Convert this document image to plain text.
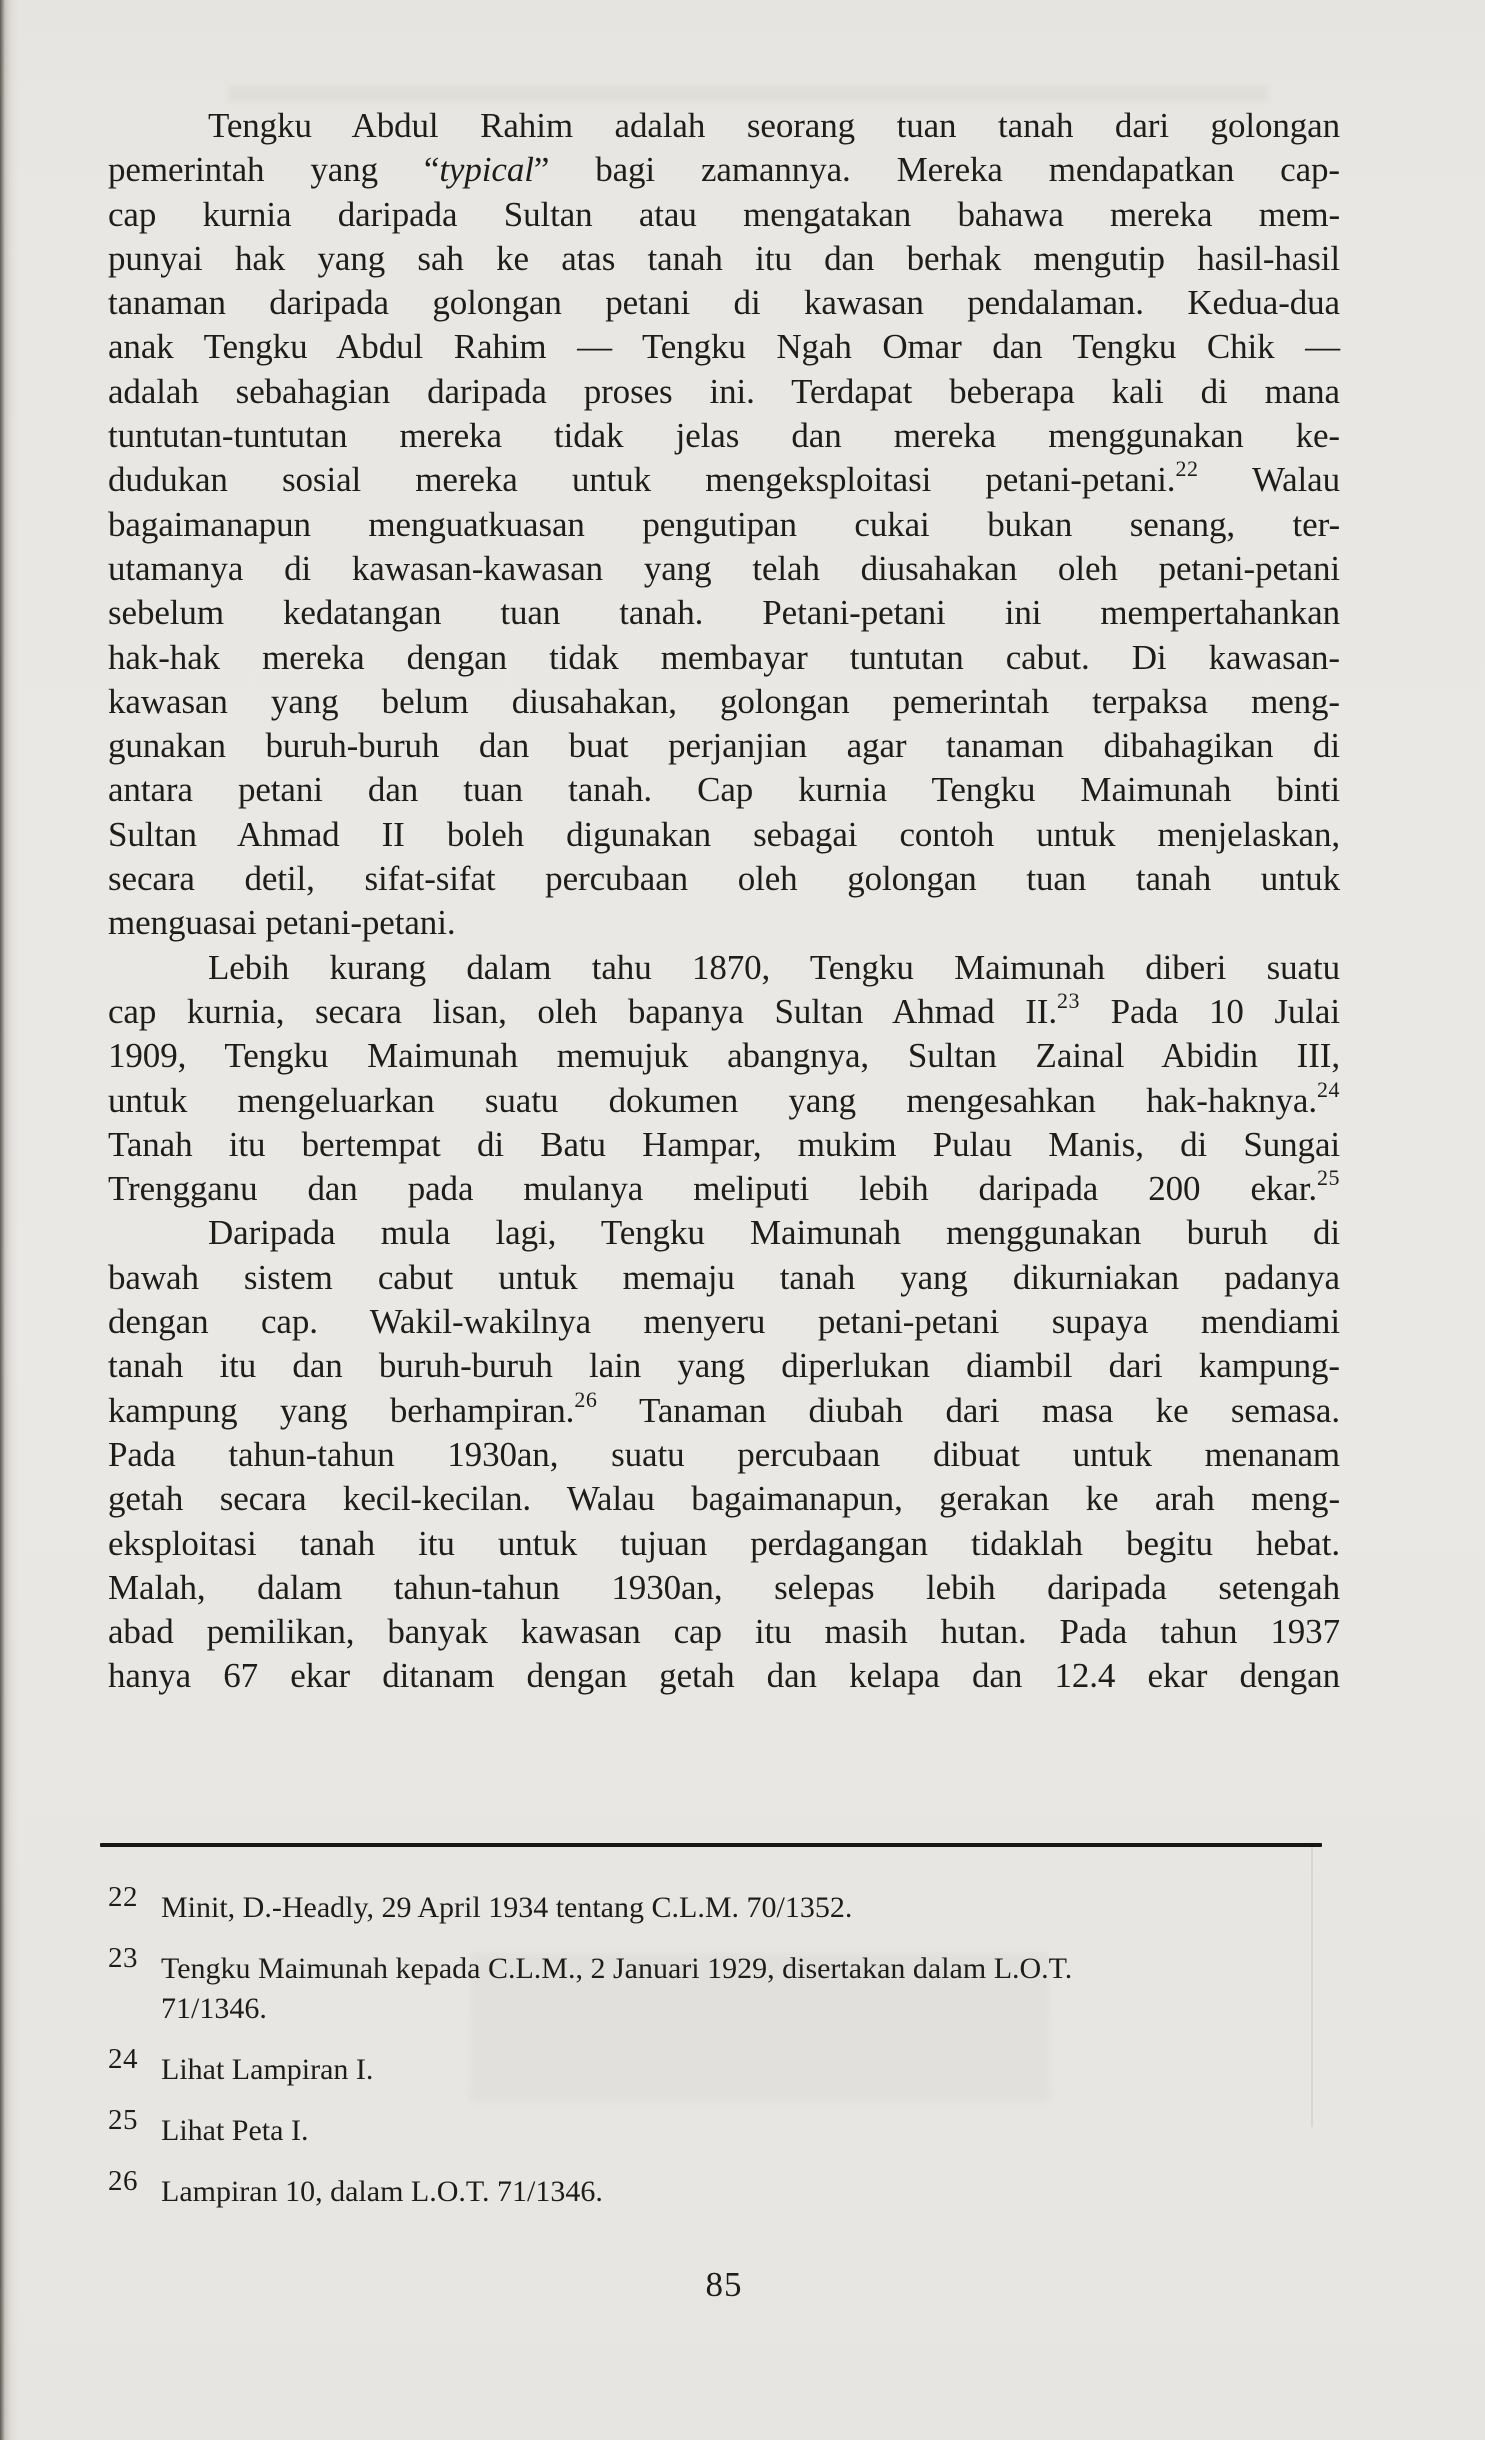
Tengku Abdul Rahim adalah seorang tuan tanah dari golongan
pemerintah yang “typical” bagi zamannya. Mereka mendapatkan cap-
cap kurnia daripada Sultan atau mengatakan bahawa mereka mem-
punyai hak yang sah ke atas tanah itu dan berhak mengutip hasil-hasil
tanaman daripada golongan petani di kawasan pendalaman. Kedua-dua
anak Tengku Abdul Rahim — Tengku Ngah Omar dan Tengku Chik —
adalah sebahagian daripada proses ini. Terdapat beberapa kali di mana
tuntutan-tuntutan mereka tidak jelas dan mereka menggunakan ke-
dudukan sosial mereka untuk mengeksploitasi petani-petani.$^{22}$ Walau
bagaimanapun menguatkuasan pengutipan cukai bukan senang, ter-
utamanya di kawasan-kawasan yang telah diusahakan oleh petani-petani
sebelum kedatangan tuan tanah. Petani-petani ini mempertahankan
hak-hak mereka dengan tidak membayar tuntutan cabut. Di kawasan-
kawasan yang belum diusahakan, golongan pemerintah terpaksa meng-
gunakan buruh-buruh dan buat perjanjian agar tanaman dibahagikan di
antara petani dan tuan tanah. Cap kurnia Tengku Maimunah binti
Sultan Ahmad II boleh digunakan sebagai contoh untuk menjelaskan,
secara detil, sifat-sifat percubaan oleh golongan tuan tanah untuk
menguasai petani-petani.
Lebih kurang dalam tahu 1870, Tengku Maimunah diberi suatu
cap kurnia, secara lisan, oleh bapanya Sultan Ahmad II.$^{23}$ Pada 10 Julai
1909, Tengku Maimunah memujuk abangnya, Sultan Zainal Abidin III,
untuk mengeluarkan suatu dokumen yang mengesahkan hak-haknya.$^{24}$
Tanah itu bertempat di Batu Hampar, mukim Pulau Manis, di Sungai
Trengganu dan pada mulanya meliputi lebih daripada 200 ekar.$^{25}$
Daripada mula lagi, Tengku Maimunah menggunakan buruh di
bawah sistem cabut untuk memaju tanah yang dikurniakan padanya
dengan cap. Wakil-wakilnya menyeru petani-petani supaya mendiami
tanah itu dan buruh-buruh lain yang diperlukan diambil dari kampung-
kampung yang berhampiran.$^{26}$ Tanaman diubah dari masa ke semasa.
Pada tahun-tahun 1930an, suatu percubaan dibuat untuk menanam
getah secara kecil-kecilan. Walau bagaimanapun, gerakan ke arah meng-
eksploitasi tanah itu untuk tujuan perdagangan tidaklah begitu hebat.
Malah, dalam tahun-tahun 1930an, selepas lebih daripada setengah
abad pemilikan, banyak kawasan cap itu masih hutan. Pada tahun 1937
hanya 67 ekar ditanam dengan getah dan kelapa dan 12.4 ekar dengan
22 Minit, D.-Headly, 29 April 1934 tentang C.L.M. 70/1352.
23 Tengku Maimunah kepada C.L.M., 2 Januari 1929, disertakan dalam L.O.T.
71/1346.
24 Lihat Lampiran I.
25 Lihat Peta I.
26 Lampiran 10, dalam L.O.T. 71/1346.
85
